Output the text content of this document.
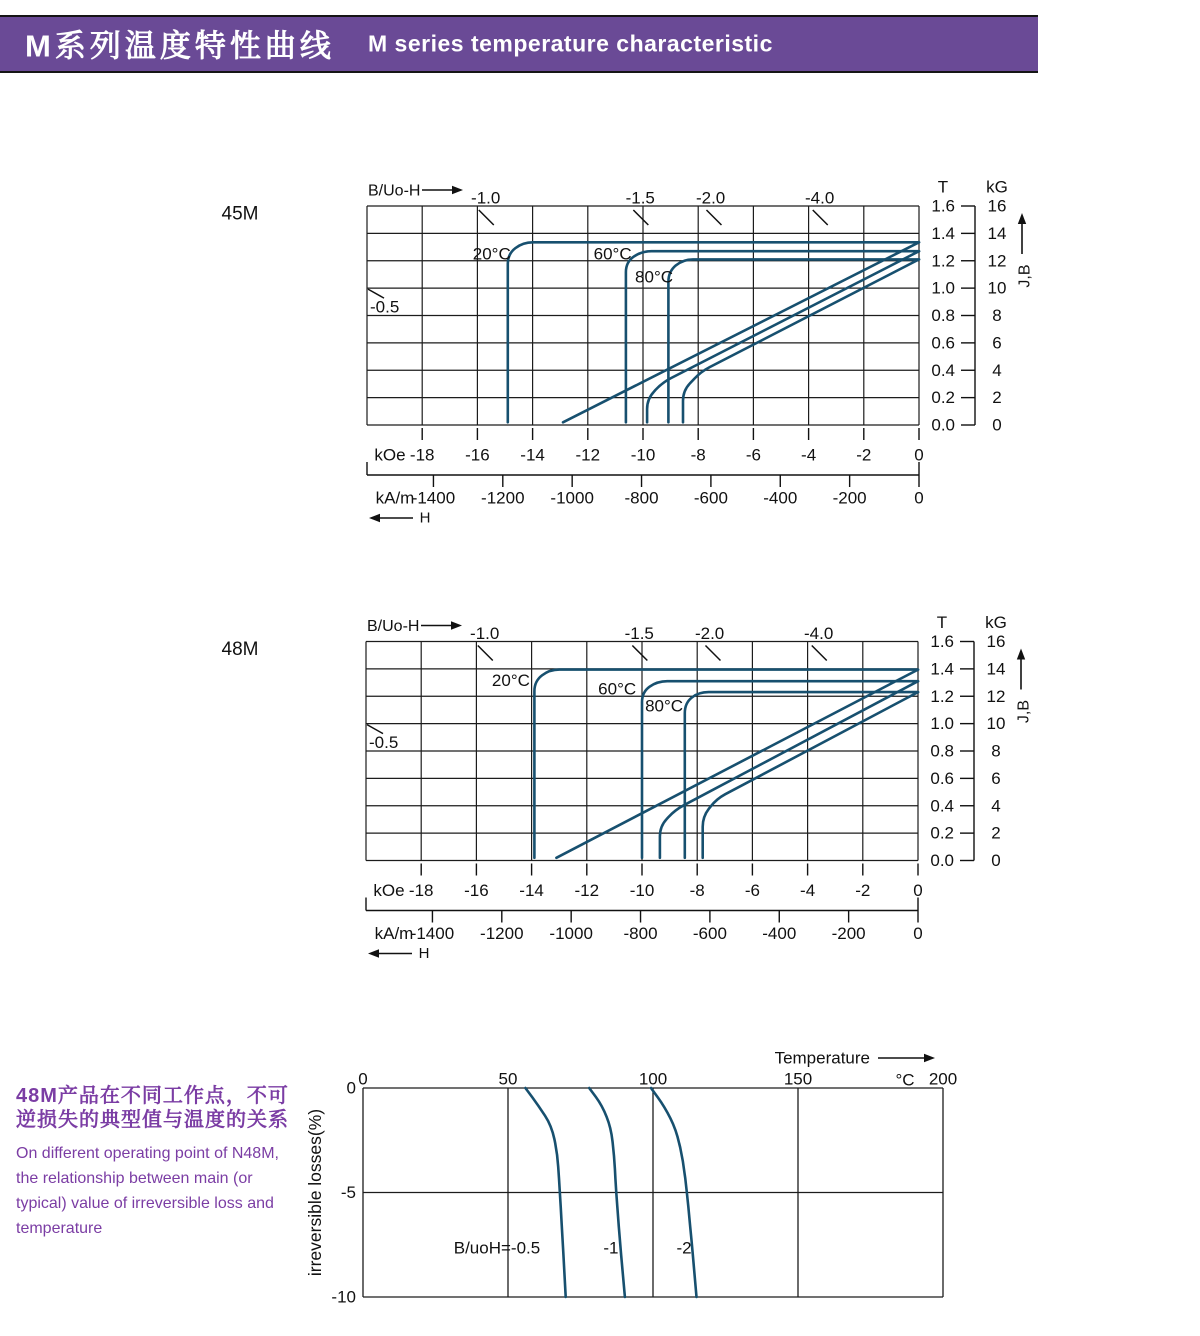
M系列温度特性曲线 M series temperature characteristic
48M产品在不同工作点，不可
逆损失的典型值与温度的关系
On different operating point of N48M,
the relationship between main (or
typical) value of irreversible loss and
temperature
45M
B/Uo-H	-1.0	-1.5 -2.0	-4.0
-0.5
20°C	60°C
80°C
-18 -16 -14 -12 -10 -8 -6 -4 -2	0
kOe
-1400 -1200 -1000 -800 -600 -400 -200	0
kA/m
H
T kG
1.6 16
1.4 14
1.2 12
1.0 10
0.8 8
0.6 6
0.4 4
0.2 2
0.0 0
J,B
48M
B/Uo-H	-1.0	-1.5 -2.0	-4.0
-0.5
20°C	60°C
80°C
-18 -16 -14 -12 -10 -8 -6 -4 -2	0
kOe
-1400 -1200 -1000 -800 -600 -400 -200	0
kA/m
H
T kG
1.6 16
1.4 14
1.2 12
1.0 10
0.8 8
0.6 6
0.4 4
0.2 2
0.0 0
J,B
0	50	100	150	200
°C
Temperature
0
-5
-10
irreversible losses(%)	B/uoH=-0.5	-1	-2
